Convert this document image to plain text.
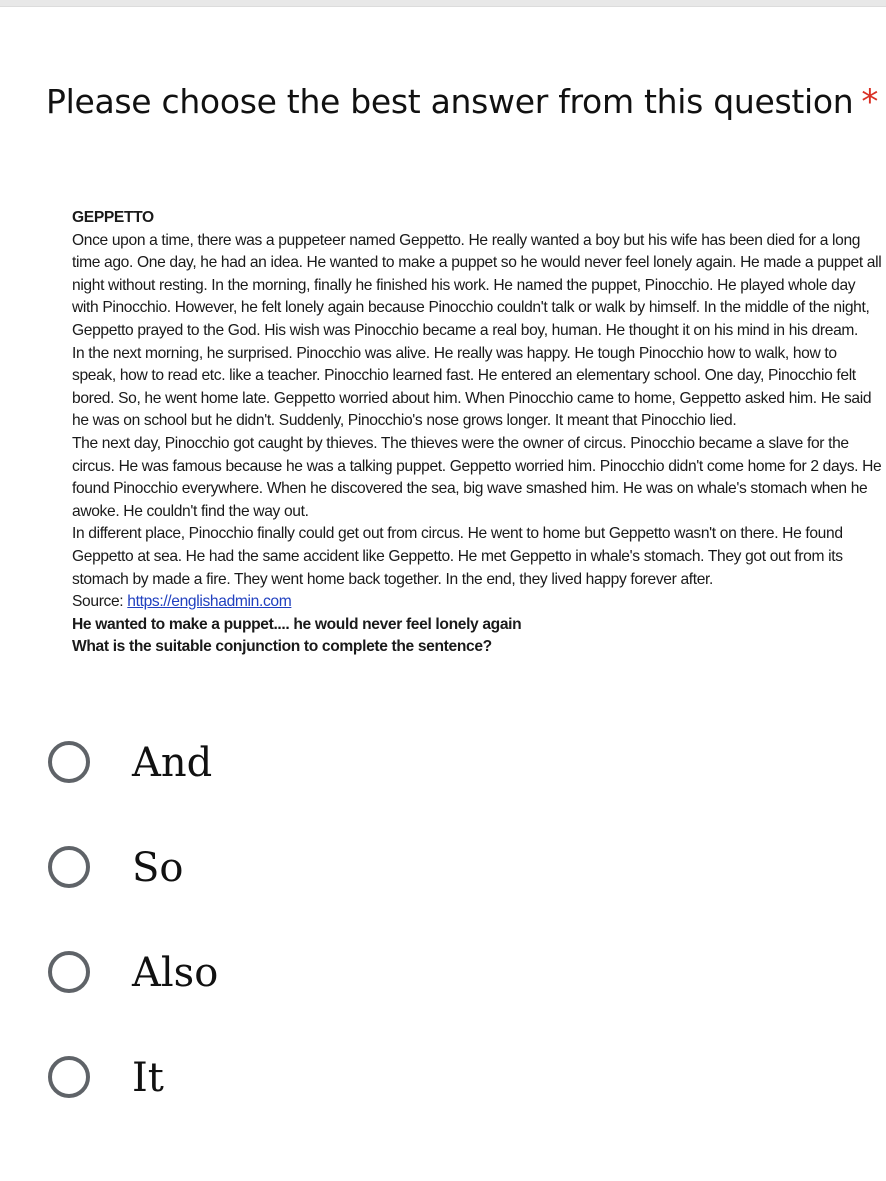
Please choose the best answer from this question *

GEPPETTO

Once upon a time, there was a puppeteer named Geppetto. He really wanted a boy but his wife has been died for a long time ago. One day, he had an idea. He wanted to make a puppet so he would never feel lonely again. He made a puppet all night without resting. In the morning, finally he finished his work. He named the puppet, Pinocchio. He played whole day with Pinocchio. However, he felt lonely again because Pinocchio couldn't talk or walk by himself. In the middle of the night, Geppetto prayed to the God. His wish was Pinocchio became a real boy, human. He thought it on his mind in his dream.

In the next morning, he surprised. Pinocchio was alive. He really was happy. He tough Pinocchio how to walk, how to speak, how to read etc. like a teacher. Pinocchio learned fast. He entered an elementary school. One day, Pinocchio felt bored. So, he went home late. Geppetto worried about him. When Pinocchio came to home, Geppetto asked him. He said he was on school but he didn't. Suddenly, Pinocchio's nose grows longer. It meant that Pinocchio lied.

The next day, Pinocchio got caught by thieves. The thieves were the owner of circus. Pinocchio became a slave for the circus. He was famous because he was a talking puppet. Geppetto worried him. Pinocchio didn't come home for 2 days. He found Pinocchio everywhere. When he discovered the sea, big wave smashed him. He was on whale's stomach when he awoke. He couldn't find the way out.

In different place, Pinocchio finally could get out from circus. He went to home but Geppetto wasn't on there. He found Geppetto at sea. He had the same accident like Geppetto. He met Geppetto in whale's stomach. They got out from its stomach by made a fire. They went home back together. In the end, they lived happy forever after.

Source: https://englishadmin.com

He wanted to make a puppet.... he would never feel lonely again

What is the suitable conjunction to complete the sentence?

And
So
Also
It
